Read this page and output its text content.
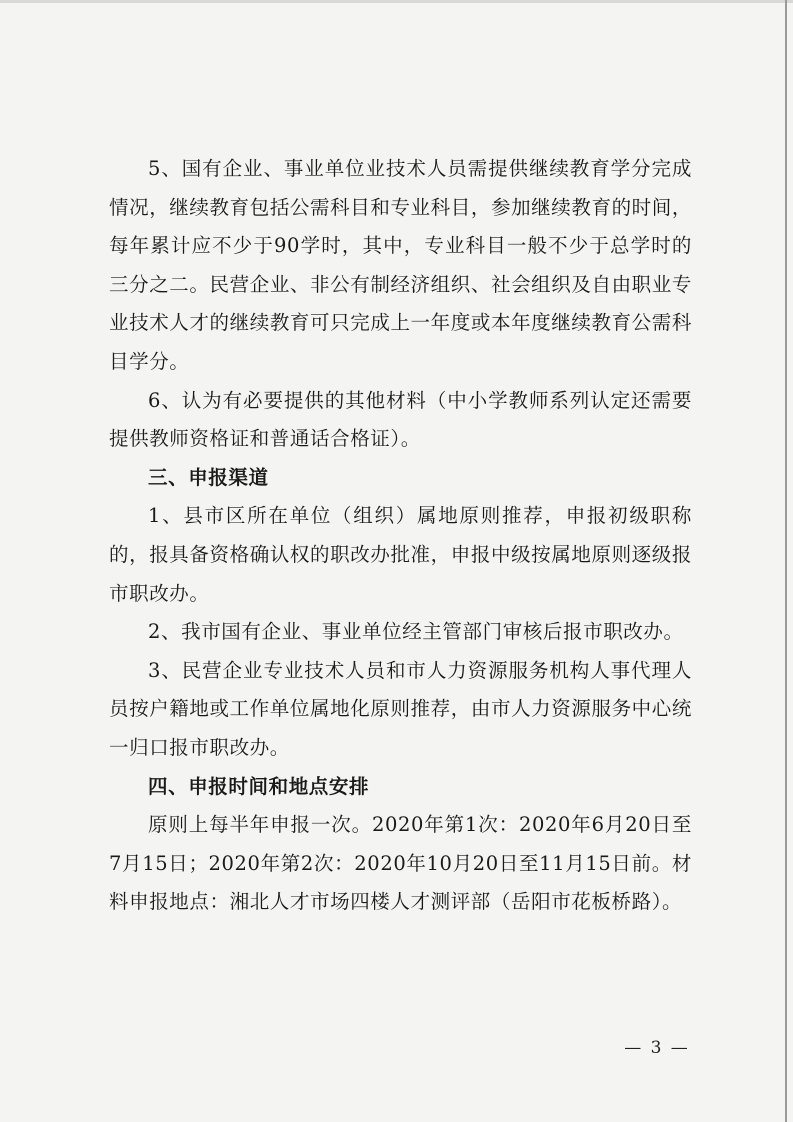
5、国有企业、事业单位业技术人员需提供继续教育学分完成情况，继续教育包括公需科目和专业科目，参加继续教育的时间，每年累计应不少于90学时，其中，专业科目一般不少于总学时的三分之二。民营企业、非公有制经济组织、社会组织及自由职业专业技术人才的继续教育可只完成上一年度或本年度继续教育公需科目学分。

6、认为有必要提供的其他材料（中小学教师系列认定还需要提供教师资格证和普通话合格证）。

三、申报渠道

1、县市区所在单位（组织）属地原则推荐，申报初级职称的，报具备资格确认权的职改办批准，申报中级按属地原则逐级报市职改办。

2、我市国有企业、事业单位经主管部门审核后报市职改办。

3、民营企业专业技术人员和市人力资源服务机构人事代理人员按户籍地或工作单位属地化原则推荐，由市人力资源服务中心统一归口报市职改办。

四、申报时间和地点安排

原则上每半年申报一次。2020年第1次：2020年6月20日至7月15日；2020年第2次：2020年10月20日至11月15日前。材料申报地点：湘北人才市场四楼人才测评部（岳阳市花板桥路）。

— 3 —
